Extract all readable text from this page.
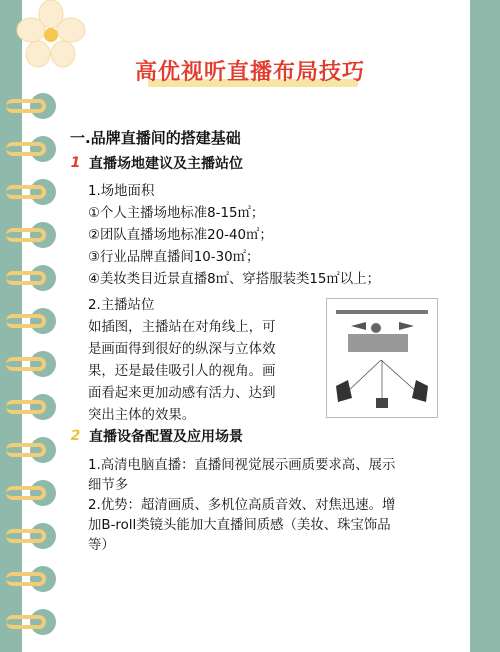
高优视听直播布局技巧
一.品牌直播间的搭建基础
1 直播场地建议及主播站位
1.场地面积
①个人主播场地标准8-15㎡；
②团队直播场地标准20-40㎡；
③行业品牌直播间10-30㎡；
④美妆类目近景直播8㎡、穿搭服装类15㎡以上；
2.主播站位
如插图，主播站在对角线上，可
是画面得到很好的纵深与立体效
果，还是最佳吸引人的视角。画
面看起来更加动感有活力、达到
突出主体的效果。
2 直播设备配置及应用场景
1.高清电脑直播：直播间视觉展示画质要求高、展示
细节多
2.优势：超清画质、多机位高质音效、对焦迅速。增
加B-roll类镜头能加大直播间质感（美妆、珠宝饰品
等）
